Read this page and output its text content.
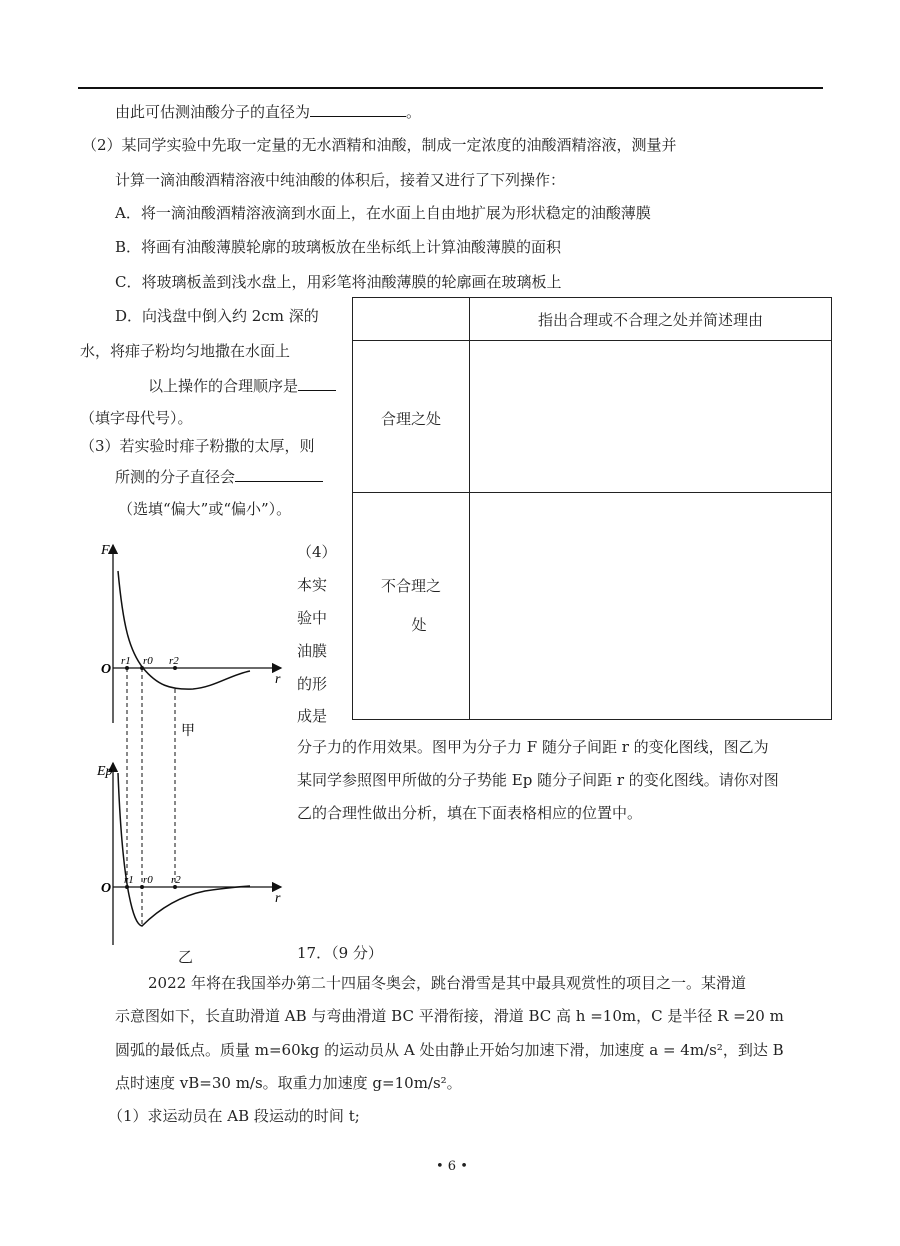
由此可估测油酸分子的直径为	。
（2）某同学实验中先取一定量的无水酒精和油酸，制成一定浓度的油酸酒精溶液，测量并
计算一滴油酸酒精溶液中纯油酸的体积后，接着又进行了下列操作：
A．将一滴油酸酒精溶液滴到水面上，在水面上自由地扩展为形状稳定的油酸薄膜
B．将画有油酸薄膜轮廓的玻璃板放在坐标纸上计算油酸薄膜的面积
C．将玻璃板盖到浅水盘上，用彩笔将油酸薄膜的轮廓画在玻璃板上
D．向浅盘中倒入约 2cm 深的
水，将痱子粉均匀地撒在水面上
以上操作的合理顺序是
（填字母代号）。
（3）若实验时痱子粉撒的太厚，则
所测的分子直径会
（选填“偏大”或“偏小”）。
（4）
本实
验中
油膜
的形
成是
分子力的作用效果。图甲为分子力 F 随分子间距 r 的变化图线，图乙为
某同学参照图甲所做的分子势能 Ep 随分子间距 r 的变化图线。请你对图
乙的合理性做出分析，填在下面表格相应的位置中。
	指出合理或不合理之处并简述理由
合理之处	
不合理之
处	
F
r
O
r1 r0 r2
甲
Ep
r
O
r1 r0 r2
乙	17．（9 分）
2022 年将在我国举办第二十四届冬奥会，跳台滑雪是其中最具观赏性的项目之一。某滑道
示意图如下，长直助滑道 AB 与弯曲滑道 BC 平滑衔接，滑道 BC 高 h =10m，C 是半径 R =20 m
圆弧的最低点。质量 m=60kg 的运动员从 A 处由静止开始匀加速下滑，加速度 a = 4m/s²，到达 B
点时速度 vB=30 m/s。取重力加速度 g=10m/s²。
（1）求运动员在 AB 段运动的时间 t;
• 6 •
